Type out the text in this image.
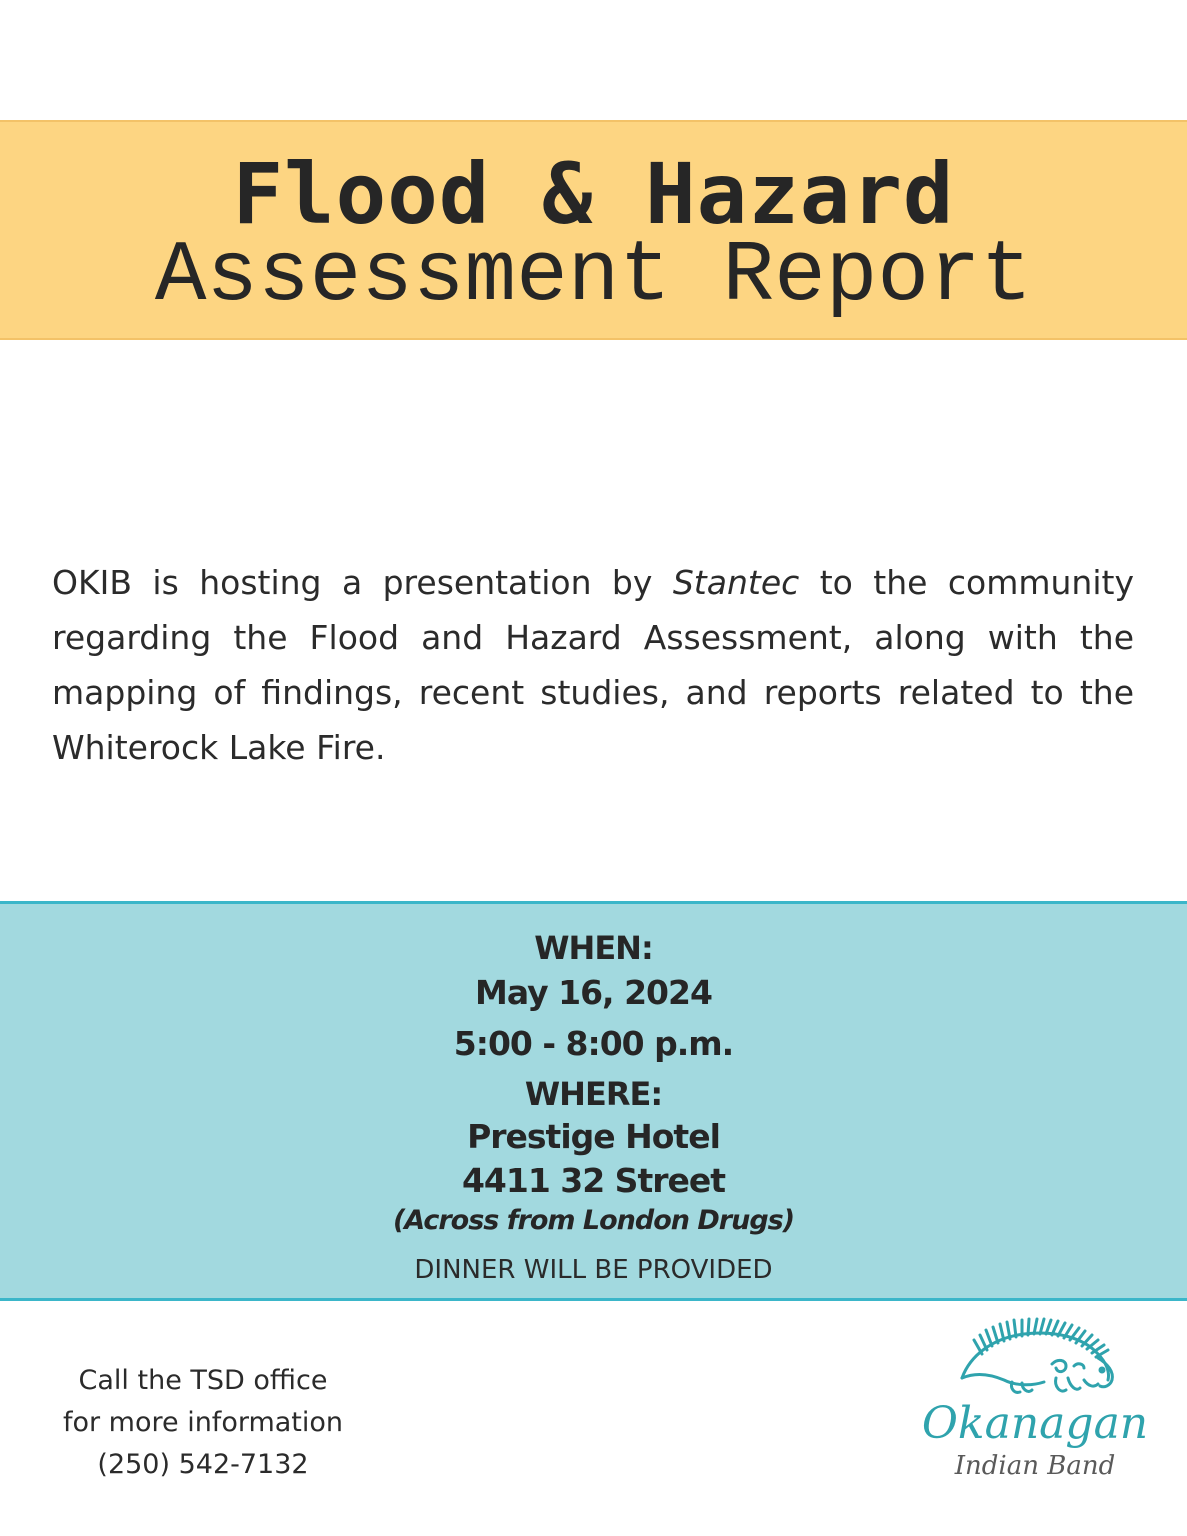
Flood & Hazard
Assessment Report

OKIB is hosting a presentation by Stantec to the community regarding the Flood and Hazard Assessment, along with the mapping of findings, recent studies, and reports related to the Whiterock Lake Fire.

WHEN:
May 16, 2024
5:00 - 8:00 p.m.
WHERE:
Prestige Hotel
4411 32 Street
(Across from London Drugs)
DINNER WILL BE PROVIDED
Call the TSD office
for more information
(250) 542-7132
Okanagan
Indian Band
